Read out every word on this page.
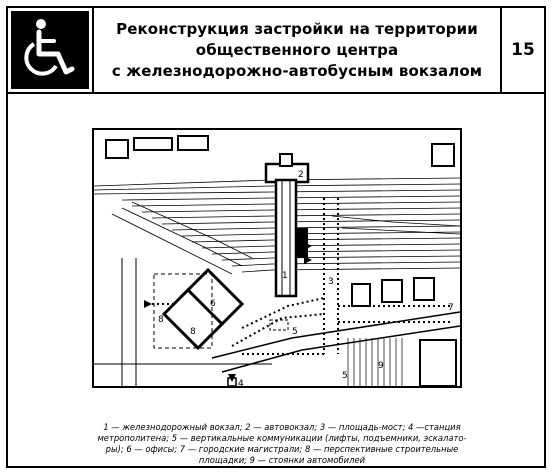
Реконструкция застройки на территории
общественного центра
с железнодорожно-автобусным вокзалом
15
2
1
3
6
8
8
5
5
4
7
9
1 — железнодорожный вокзал; 2 — автовокзал; 3 — площадь-мост; 4 —станция
метрополитена; 5 — вертикальные коммуникации (лифты, подъемники, эскалато-
ры); 6 — офисы; 7 — городские магистрали; 8 — перспективные строительные
площадки; 9 — стоянки автомобилей
